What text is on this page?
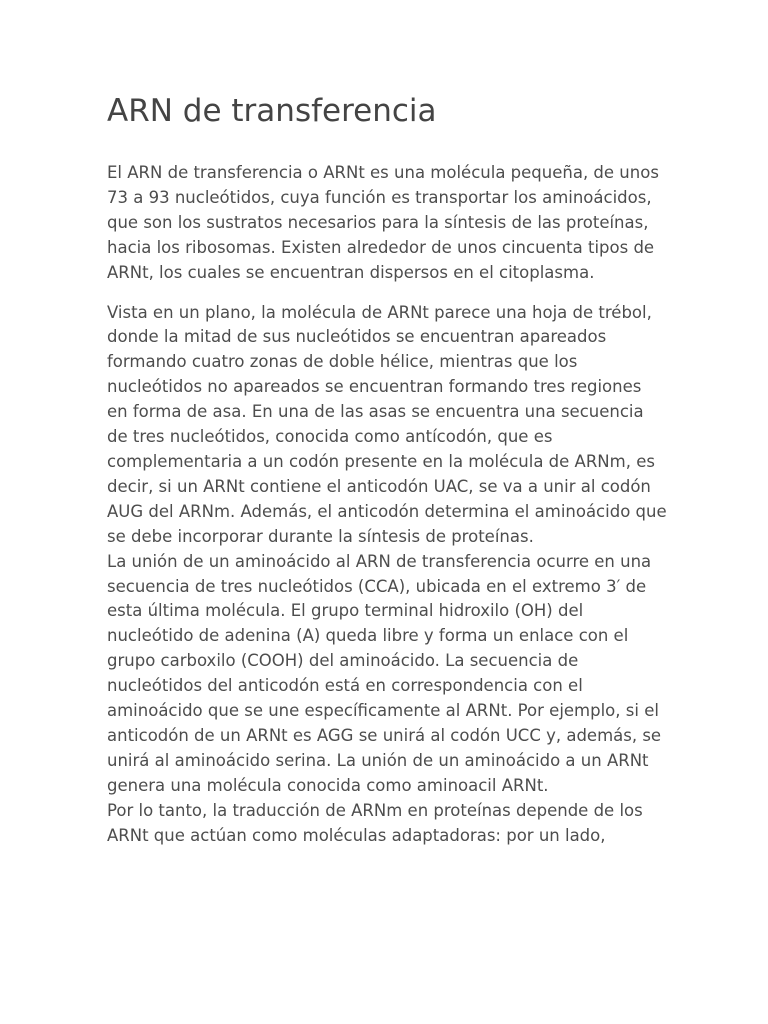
ARN de transferencia

El ARN de transferencia o ARNt es una molécula pequeña, de unos 73 a 93 nucleótidos, cuya función es transportar los aminoácidos, que son los sustratos necesarios para la síntesis de las proteínas, hacia los ribosomas. Existen alrededor de unos cincuenta tipos de ARNt, los cuales se encuentran dispersos en el citoplasma.

Vista en un plano, la molécula de ARNt parece una hoja de trébol, donde la mitad de sus nucleótidos se encuentran apareados formando cuatro zonas de doble hélice, mientras que los nucleótidos no apareados se encuentran formando tres regiones en forma de asa. En una de las asas se encuentra una secuencia de tres nucleótidos, conocida como antícodón, que es complementaria a un codón presente en la molécula de ARNm, es decir, si un ARNt contiene el anticodón UAC, se va a unir al codón AUG del ARNm. Además, el anticodón determina el aminoácido que se debe incorporar durante la síntesis de proteínas.

La unión de un aminoácido al ARN de transferencia ocurre en una secuencia de tres nucleótidos (CCA), ubicada en el extremo 3′ de esta última molécula. El grupo terminal hidroxilo (OH) del nucleótido de adenina (A) queda libre y forma un enlace con el grupo carboxilo (COOH) del aminoácido. La secuencia de nucleótidos del anticodón está en correspondencia con el aminoácido que se une específicamente al ARNt. Por ejemplo, si el anticodón de un ARNt es AGG se unirá al codón UCC y, además, se unirá al aminoácido serina. La unión de un aminoácido a un ARNt genera una molécula conocida como aminoacil ARNt.

Por lo tanto, la traducción de ARNm en proteínas depende de los ARNt que actúan como moléculas adaptadoras: por un lado,
